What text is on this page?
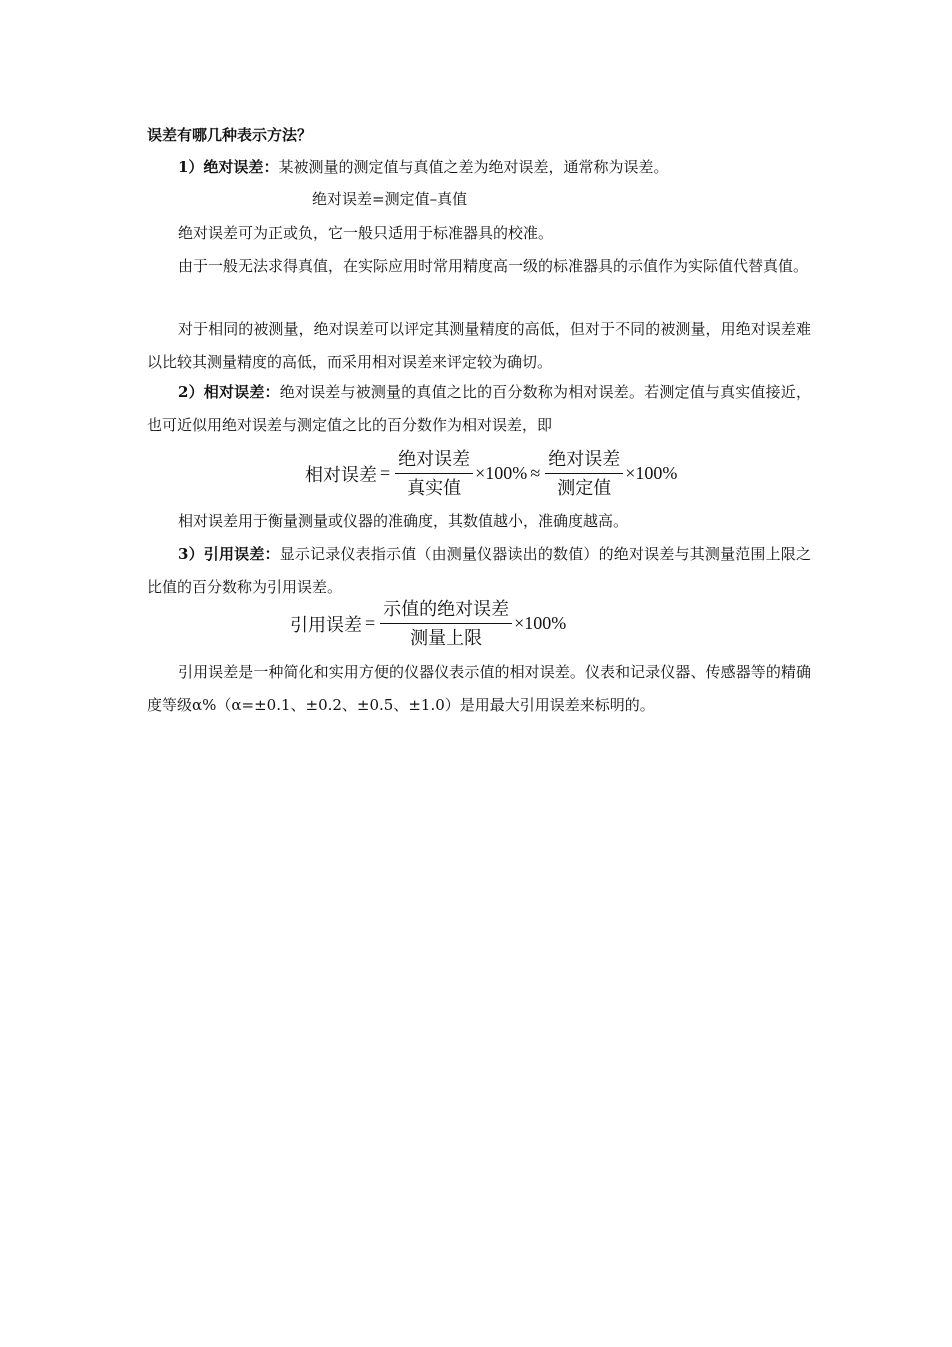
误差有哪几种表示方法？

1）绝对误差：某被测量的测定值与真值之差为绝对误差，通常称为误差。

绝对误差=测定值–真值

绝对误差可为正或负，它一般只适用于标准器具的校准。

由于一般无法求得真值，在实际应用时常用精度高一级的标准器具的示值作为实际值代替真值。

对于相同的被测量，绝对误差可以评定其测量精度的高低，但对于不同的被测量，用绝对误差难以比较其测量精度的高低，而采用相对误差来评定较为确切。

2）相对误差：绝对误差与被测量的真值之比的百分数称为相对误差。若测定值与真实值接近，也可近似用绝对误差与测定值之比的百分数作为相对误差，即

相对误差 = $\frac{\text{绝对误差}}{\text{真实值}} \times 100\% \approx \frac{\text{绝对误差}}{\text{测定值}} \times 100\%$

相对误差用于衡量测量或仪器的准确度，其数值越小，准确度越高。

3）引用误差：显示记录仪表指示值（由测量仪器读出的数值）的绝对误差与其测量范围上限之比值的百分数称为引用误差。

引用误差 = $\frac{\text{示值的绝对误差}}{\text{测量上限}} \times 100\%$

引用误差是一种简化和实用方便的仪器仪表示值的相对误差。仪表和记录仪器、传感器等的精确度等级α%（α=±0.1、±0.2、±0.5、±1.0）是用最大引用误差来标明的。
